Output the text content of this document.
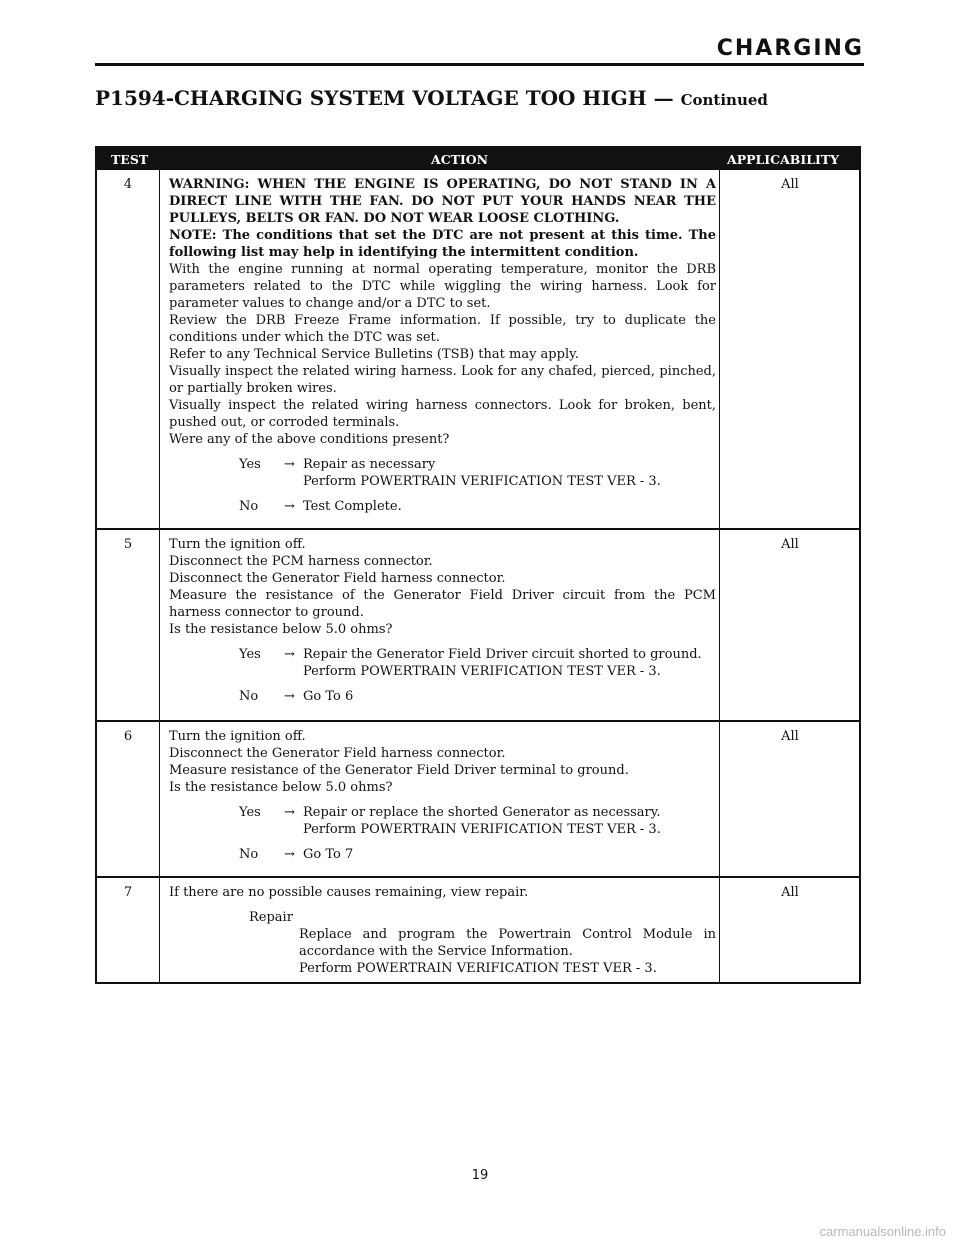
CHARGING
P1594-CHARGING SYSTEM VOLTAGE TOO HIGH — Continued
TEST	ACTION	APPLICABILITY
4	WARNING: WHEN THE ENGINE IS OPERATING, DO NOT STAND IN A DIRECT LINE WITH THE FAN. DO NOT PUT YOUR HANDS NEAR THE PULLEYS, BELTS OR FAN. DO NOT WEAR LOOSE CLOTHING.
NOTE: The conditions that set the DTC are not present at this time. The following list may help in identifying the intermittent condition.
With the engine running at normal operating temperature, monitor the DRB parameters related to the DTC while wiggling the wiring harness. Look for parameter values to change and/or a DTC to set.
Review the DRB Freeze Frame information. If possible, try to duplicate the conditions under which the DTC was set.
Refer to any Technical Service Bulletins (TSB) that may apply.
Visually inspect the related wiring harness. Look for any chafed, pierced, pinched, or partially broken wires.
Visually inspect the related wiring harness connectors. Look for broken, bent, pushed out, or corroded terminals.
Were any of the above conditions present?
Yes → Repair as necessary
Perform POWERTRAIN VERIFICATION TEST VER - 3.
No → Test Complete.
All
5	Turn the ignition off.
Disconnect the PCM harness connector.
Disconnect the Generator Field harness connector.
Measure the resistance of the Generator Field Driver circuit from the PCM harness connector to ground.
Is the resistance below 5.0 ohms?
Yes → Repair the Generator Field Driver circuit shorted to ground.
Perform POWERTRAIN VERIFICATION TEST VER - 3.
No → Go To 6
All
6	Turn the ignition off.
Disconnect the Generator Field harness connector.
Measure resistance of the Generator Field Driver terminal to ground.
Is the resistance below 5.0 ohms?
Yes → Repair or replace the shorted Generator as necessary.
Perform POWERTRAIN VERIFICATION TEST VER - 3.
No → Go To 7
All
7	If there are no possible causes remaining, view repair.
Repair
Replace and program the Powertrain Control Module in accordance with the Service Information.
Perform POWERTRAIN VERIFICATION TEST VER - 3.
All
19
carmanualsonline.info
